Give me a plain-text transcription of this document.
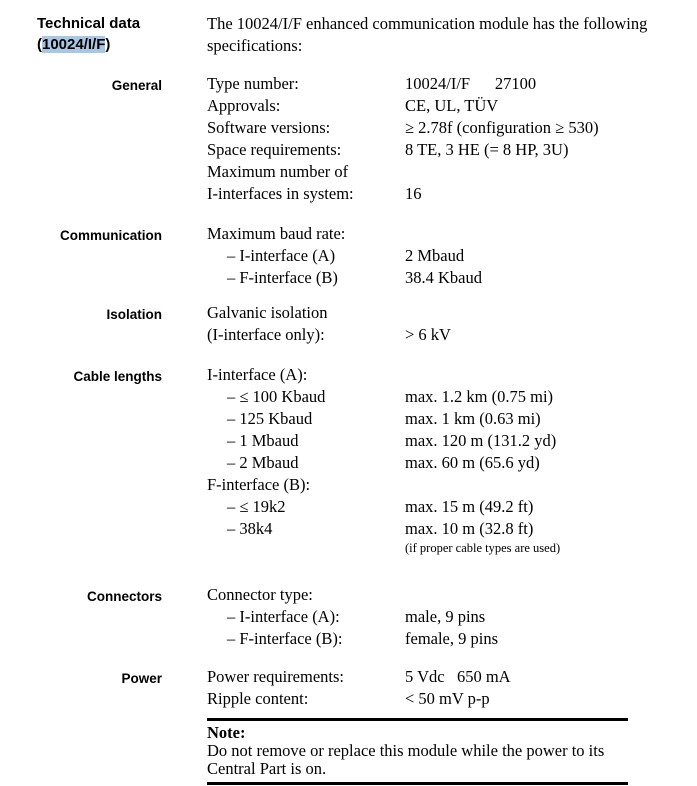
Technical data
(10024/I/F)
The 10024/I/F enhanced communication module has the following
specifications:
General	Type number:	10024/I/F      27100
Approvals:	CE, UL, TÜV
Software versions:	≥ 2.78f (configuration ≥ 530)
Space requirements:	8 TE, 3 HE (= 8 HP, 3U)
Maximum number of
I-interfaces in system:	16
Communication	Maximum baud rate:
– I-interface (A)	2 Mbaud
– F-interface (B)	38.4 Kbaud
Isolation	Galvanic isolation
(I-interface only):	> 6 kV
Cable lengths	I-interface (A):
– ≤ 100 Kbaud	max. 1.2 km (0.75 mi)
– 125 Kbaud	max. 1 km (0.63 mi)
– 1 Mbaud	max. 120 m (131.2 yd)
– 2 Mbaud	max. 60 m (65.6 yd)
F-interface (B):
– ≤ 19k2	max. 15 m (49.2 ft)
– 38k4	max. 10 m (32.8 ft)
(if proper cable types are used)
Connectors	Connector type:
– I-interface (A):	male, 9 pins
– F-interface (B):	female, 9 pins
Power	Power requirements:	5 Vdc   650 mA
Ripple content:	< 50 mV p-p
Note:
Do not remove or replace this module while the power to its
Central Part is on.
